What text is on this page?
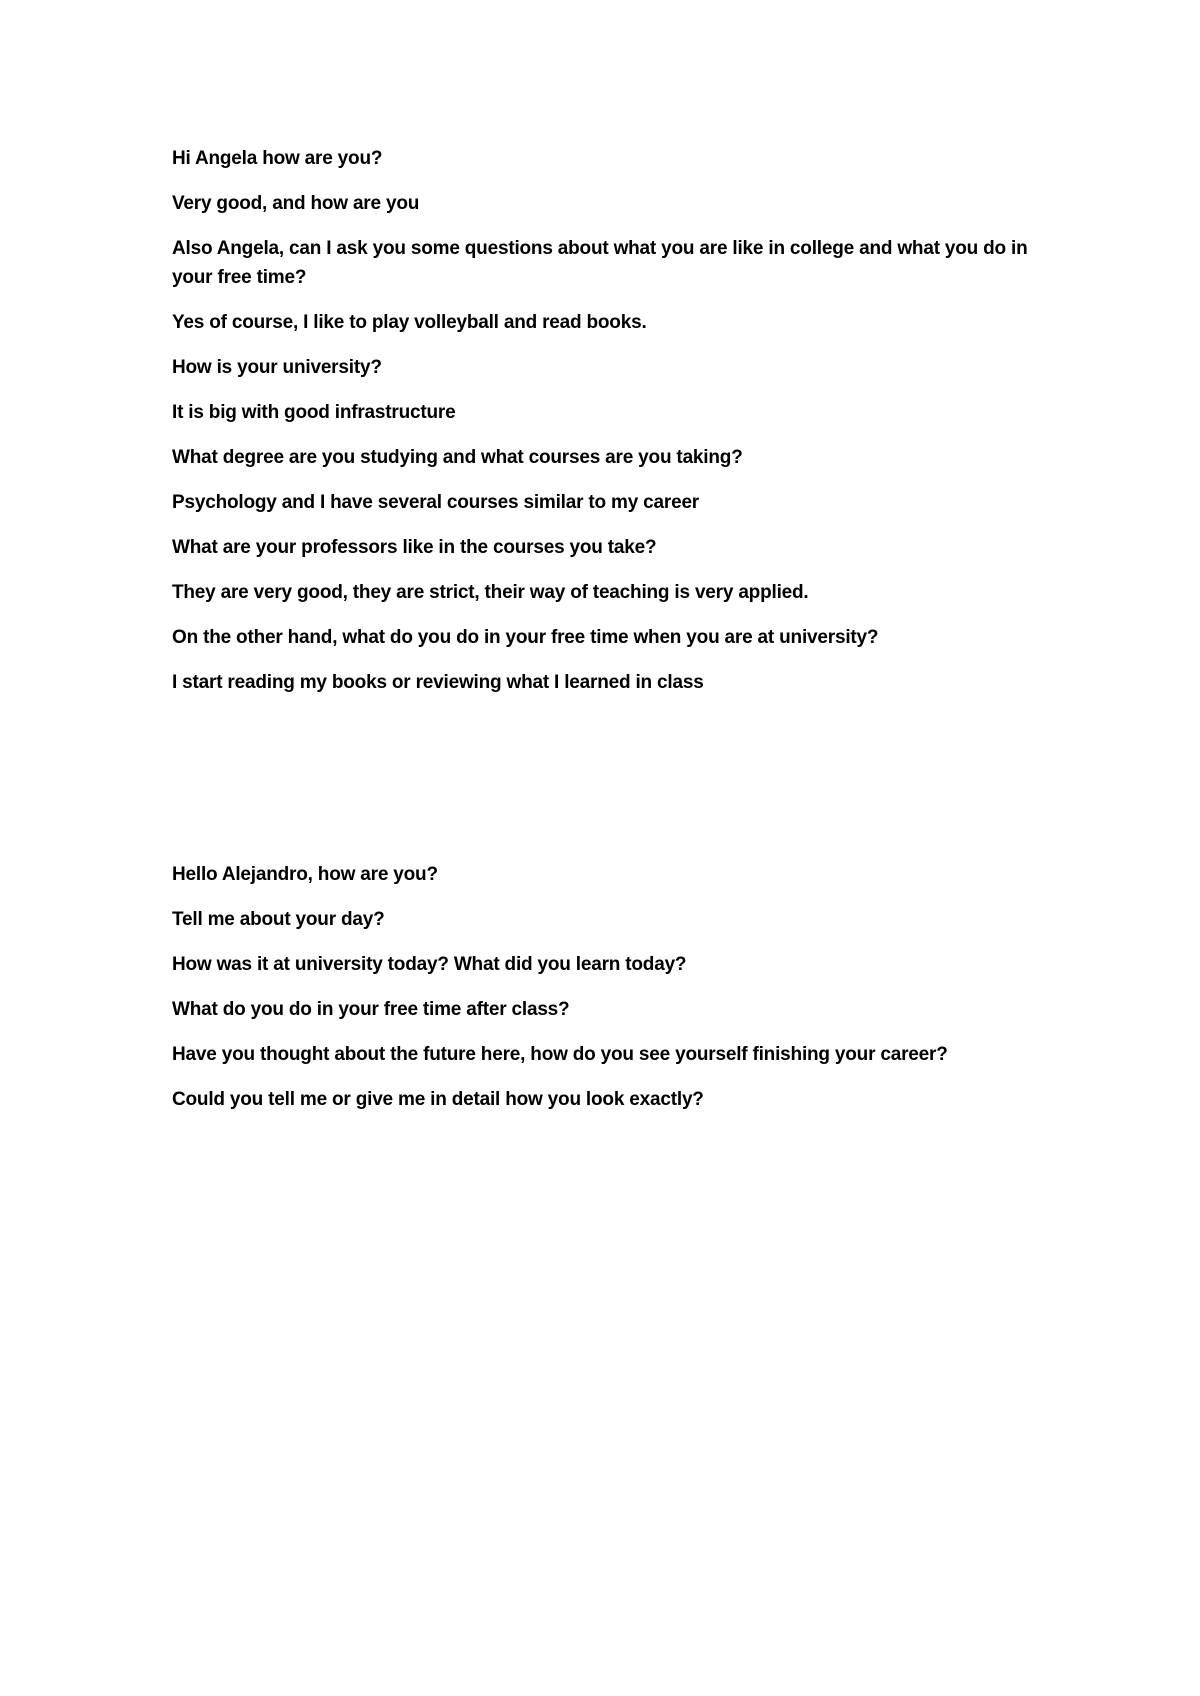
Hi Angela how are you?

Very good, and how are you

Also Angela, can I ask you some questions about what you are like in college and what you do in your free time?

Yes of course, I like to play volleyball and read books.

How is your university?

It is big with good infrastructure

What degree are you studying and what courses are you taking?

Psychology and I have several courses similar to my career

What are your professors like in the courses you take?

They are very good, they are strict, their way of teaching is very applied.

On the other hand, what do you do in your free time when you are at university?

I start reading my books or reviewing what I learned in class

Hello Alejandro, how are you?

Tell me about your day?

How was it at university today? What did you learn today?

What do you do in your free time after class?

Have you thought about the future here, how do you see yourself finishing your career?

Could you tell me or give me in detail how you look exactly?
